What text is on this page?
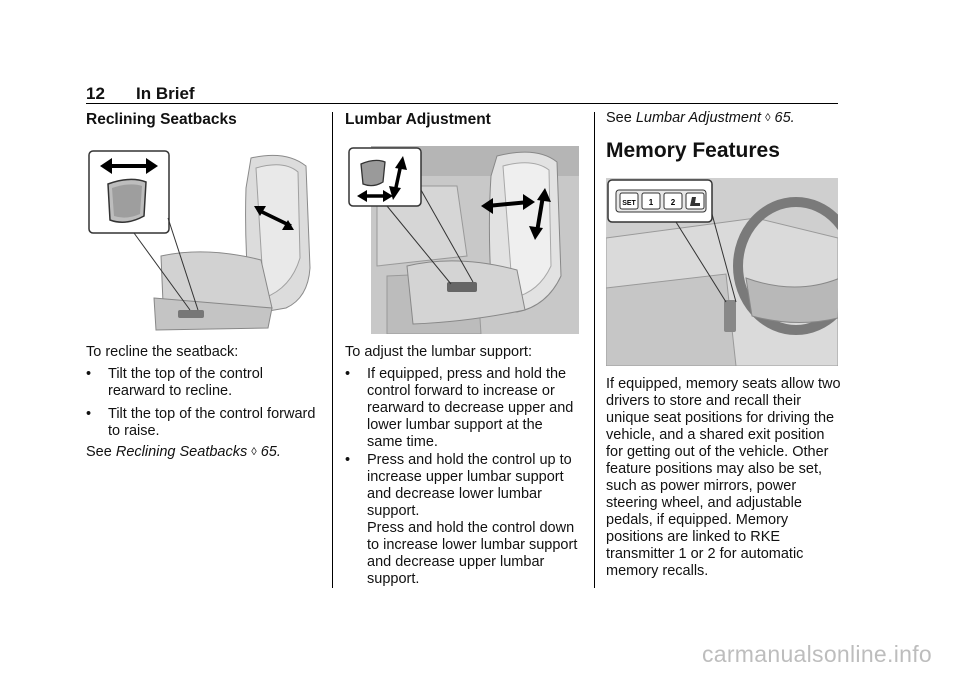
12 In Brief
Reclining Seatbacks

To recline the seatback:

• Tilt the top of the control rearward to recline.
• Tilt the top of the control forward to raise.

See Reclining Seatbacks ◊ 65.

Lumbar Adjustment

To adjust the lumbar support:

• If equipped, press and hold the control forward to increase or rearward to decrease upper and lower lumbar support at the same time.
• Press and hold the control up to increase upper lumbar support and decrease lower lumbar support.

Press and hold the control down to increase lower lumbar support and decrease upper lumbar support.

See Lumbar Adjustment ◊ 65.

Memory Features
SET 1 2

If equipped, memory seats allow two drivers to store and recall their unique seat positions for driving the vehicle, and a shared exit position for getting out of the vehicle. Other feature positions may also be set, such as power mirrors, power steering wheel, and adjustable pedals, if equipped. Memory positions are linked to RKE transmitter 1 or 2 for automatic memory recalls.

carmanualsonline.info
